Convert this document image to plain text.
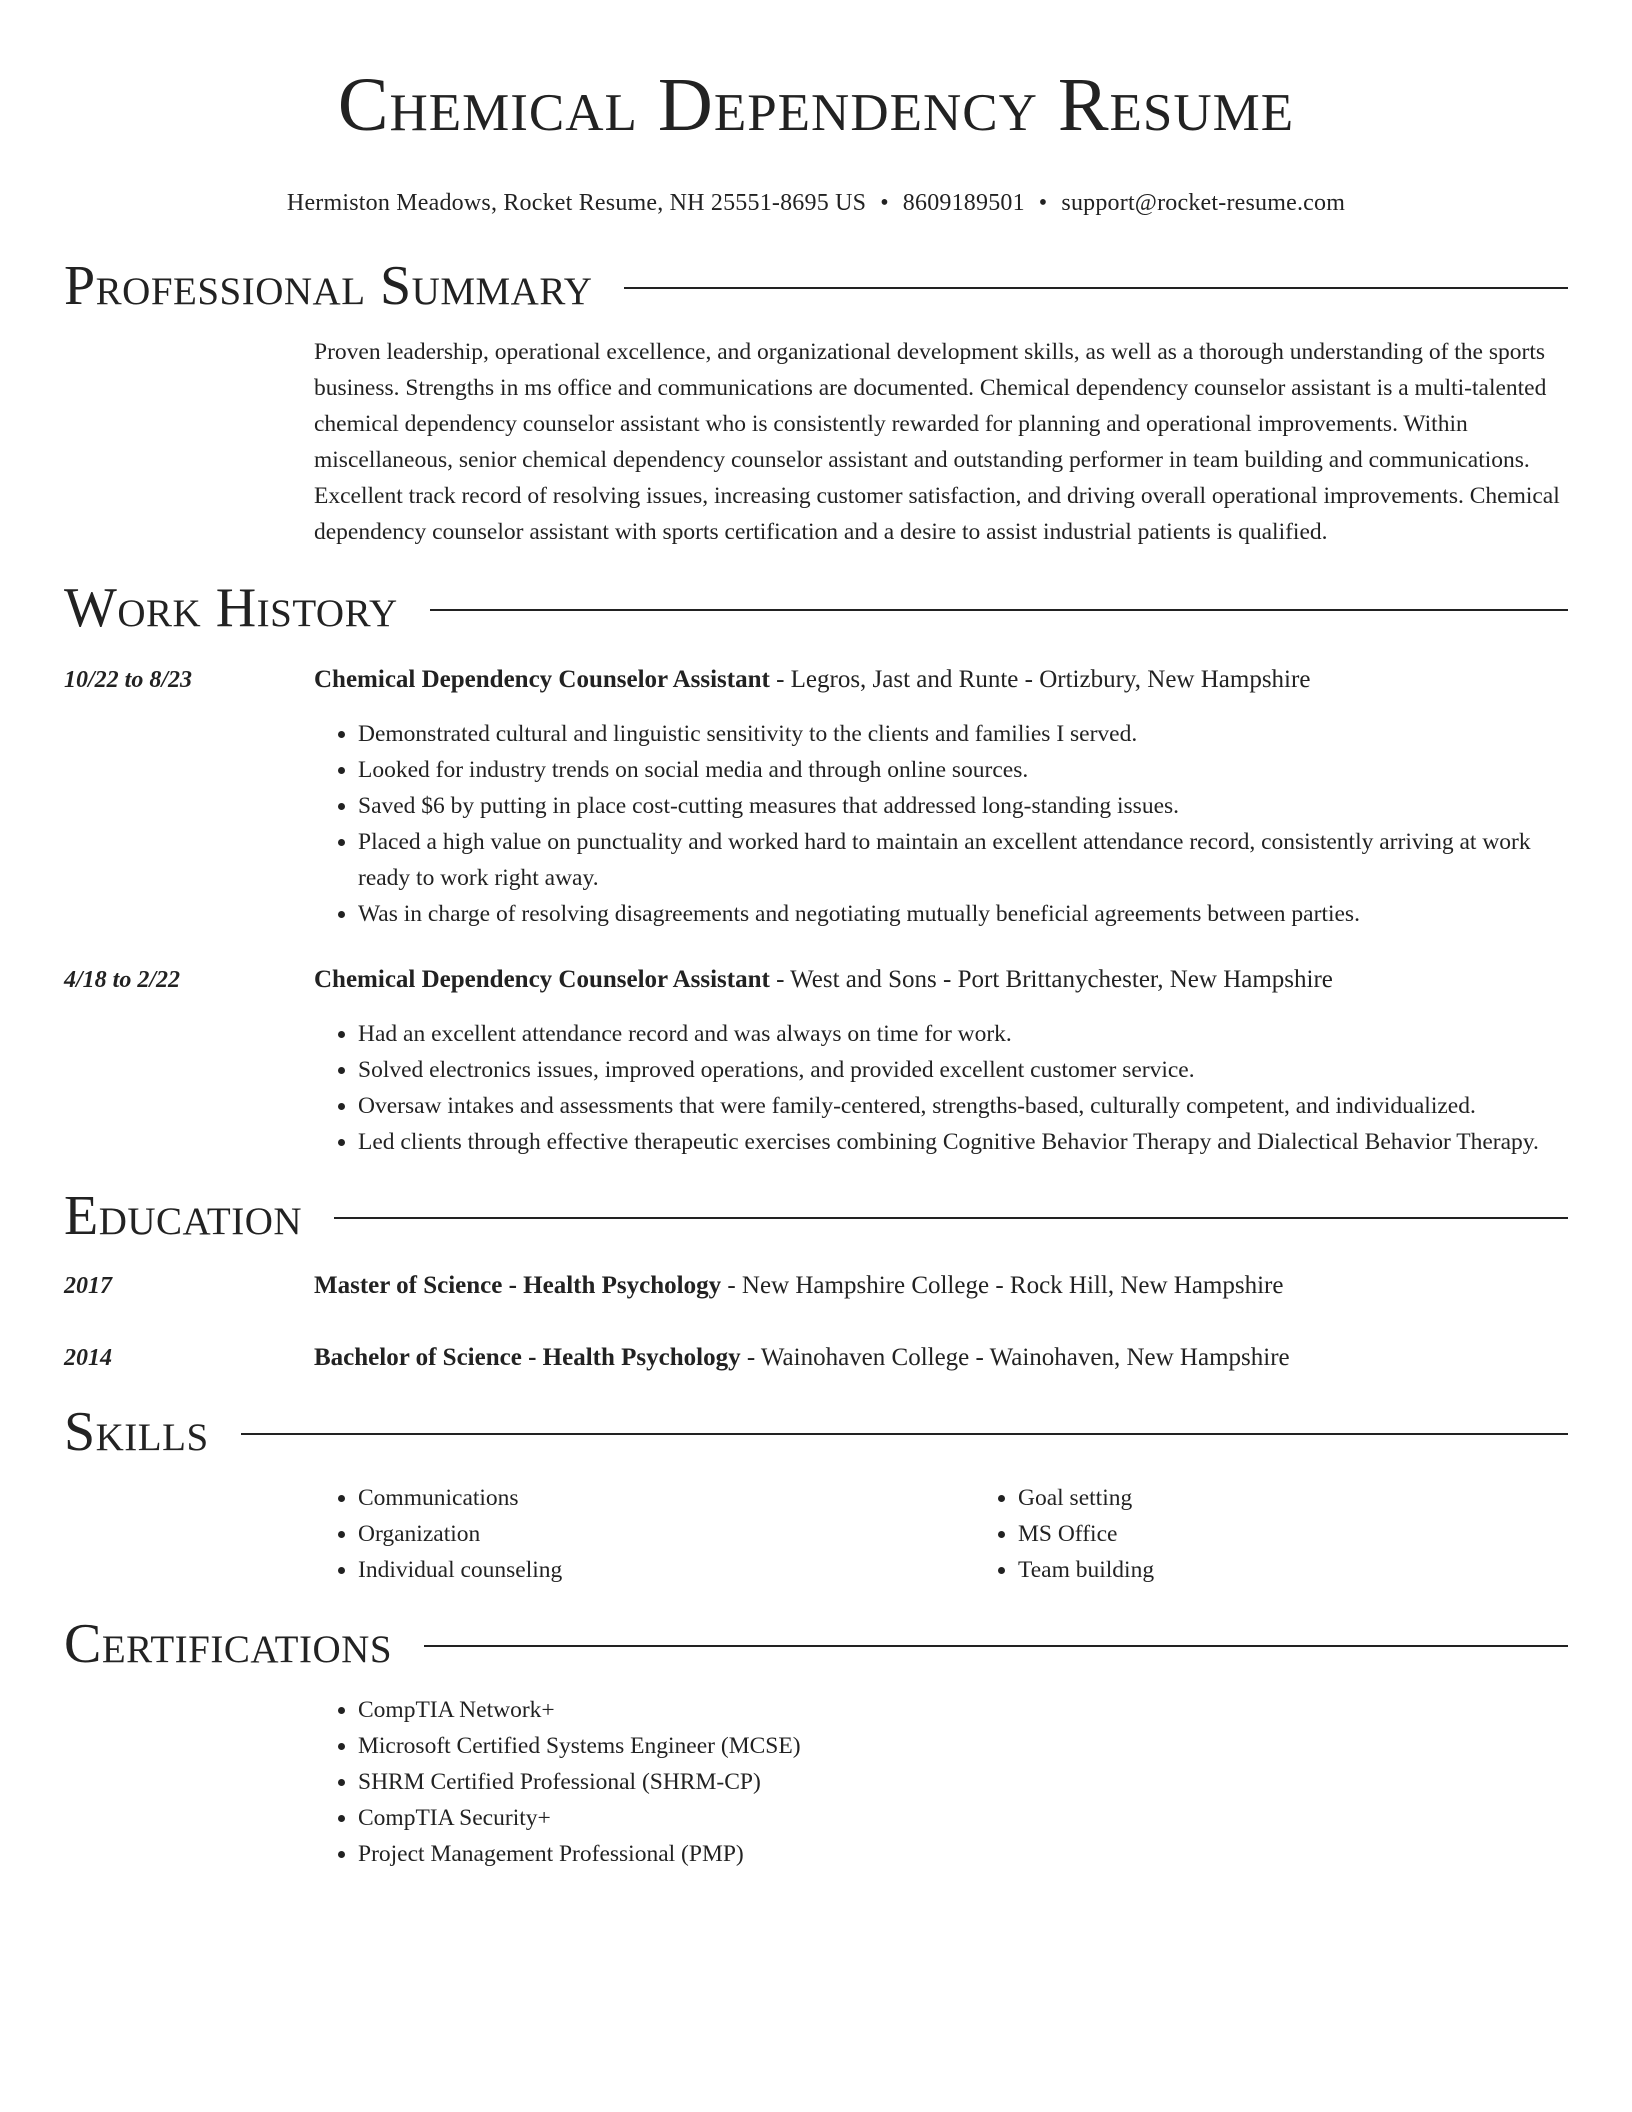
Chemical Dependency Resume
Hermiston Meadows, Rocket Resume, NH 25551-8695 US • 8609189501 • support@rocket-resume.com
Professional Summary

Proven leadership, operational excellence, and organizational development skills, as well as a thorough understanding of the sports business. Strengths in ms office and communications are documented. Chemical dependency counselor assistant is a multi-talented chemical dependency counselor assistant who is consistently rewarded for planning and operational improvements. Within miscellaneous, senior chemical dependency counselor assistant and outstanding performer in team building and communications. Excellent track record of resolving issues, increasing customer satisfaction, and driving overall operational improvements. Chemical dependency counselor assistant with sports certification and a desire to assist industrial patients is qualified.

Work History
10/22 to 8/23	Chemical Dependency Counselor Assistant - Legros, Jast and Runte - Ortizbury, New Hampshire
• Demonstrated cultural and linguistic sensitivity to the clients and families I served.
• Looked for industry trends on social media and through online sources.
• Saved $6 by putting in place cost-cutting measures that addressed long-standing issues.
• Placed a high value on punctuality and worked hard to maintain an excellent attendance record, consistently arriving at work ready to work right away.
• Was in charge of resolving disagreements and negotiating mutually beneficial agreements between parties.
4/18 to 2/22	Chemical Dependency Counselor Assistant - West and Sons - Port Brittanychester, New Hampshire
• Had an excellent attendance record and was always on time for work.
• Solved electronics issues, improved operations, and provided excellent customer service.
• Oversaw intakes and assessments that were family-centered, strengths-based, culturally competent, and individualized.
• Led clients through effective therapeutic exercises combining Cognitive Behavior Therapy and Dialectical Behavior Therapy.
Education
2017	Master of Science - Health Psychology - New Hampshire College - Rock Hill, New Hampshire
2014	Bachelor of Science - Health Psychology - Wainohaven College - Wainohaven, New Hampshire
Skills
• Communications
• Organization
• Individual counseling
• Goal setting
• MS Office
• Team building
Certifications
• CompTIA Network+
• Microsoft Certified Systems Engineer (MCSE)
• SHRM Certified Professional (SHRM-CP)
• CompTIA Security+
• Project Management Professional (PMP)
